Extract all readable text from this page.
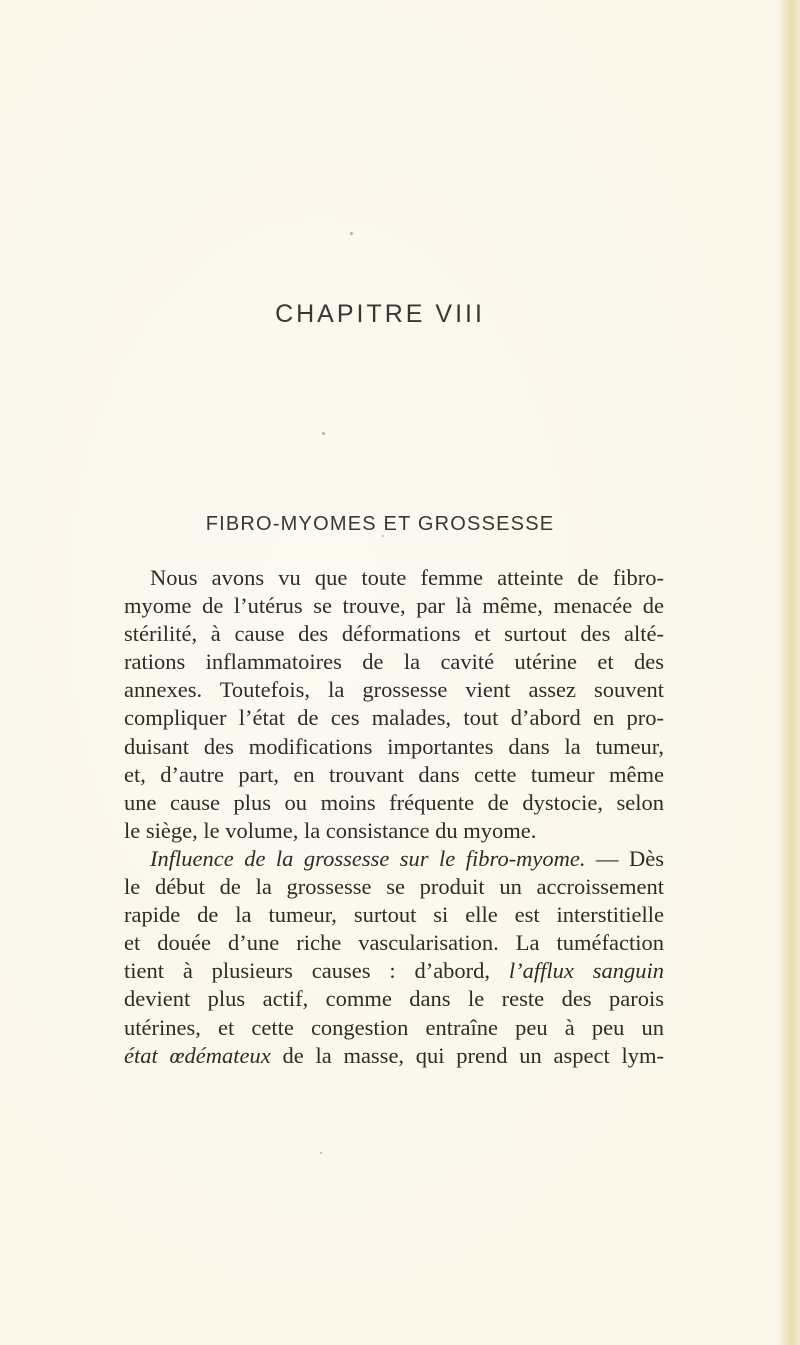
CHAPITRE VIII
FIBRO-MYOMES ET GROSSESSE
Nous avons vu que toute femme atteinte de fibro-
myome de l’utérus se trouve, par là même, menacée de
stérilité, à cause des déformations et surtout des alté-
rations inflammatoires de la cavité utérine et des
annexes. Toutefois, la grossesse vient assez souvent
compliquer l’état de ces malades, tout d’abord en pro-
duisant des modifications importantes dans la tumeur,
et, d’autre part, en trouvant dans cette tumeur même
une cause plus ou moins fréquente de dystocie, selon
le siège, le volume, la consistance du myome.
Influence de la grossesse sur le fibro-myome. — Dès
le début de la grossesse se produit un accroissement
rapide de la tumeur, surtout si elle est interstitielle
et douée d’une riche vascularisation. La tuméfaction
tient à plusieurs causes : d’abord, l’afflux sanguin
devient plus actif, comme dans le reste des parois
utérines, et cette congestion entraîne peu à peu un
état œdémateux de la masse, qui prend un aspect lym-
